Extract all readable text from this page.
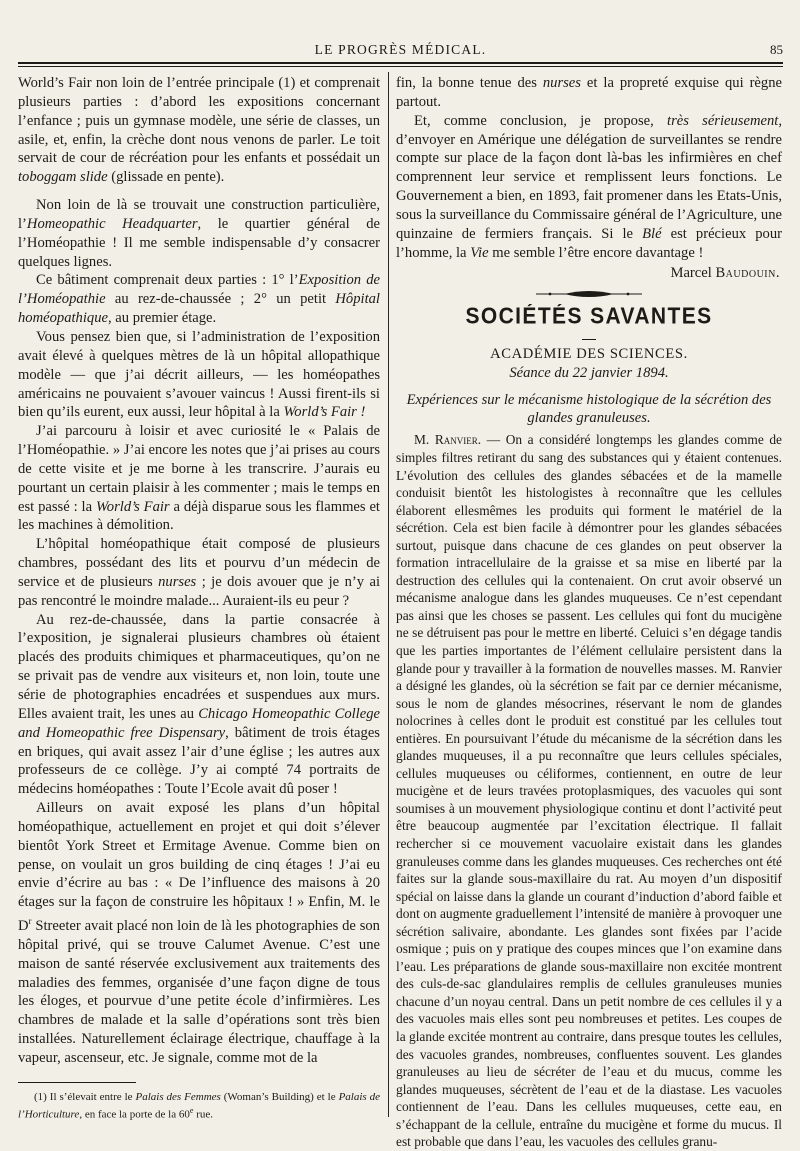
LE PROGRÈS MÉDICAL.	85

World’s Fair non loin de l’entrée principale (1) et comprenait plusieurs parties : d’abord les expositions concernant l’enfance ; puis un gymnase modèle, une série de classes, un asile, et, enfin, la crèche dont nous venons de parler. Le toit servait de cour de récréation pour les enfants et possédait un toboggam slide (glissade en pente).

Non loin de là se trouvait une construction particulière, l’Homeopathic Headquarter, le quartier général de l’Homéopathie ! Il me semble indispensable d’y consacrer quelques lignes.

Ce bâtiment comprenait deux parties : 1° l’Exposition de l’Homéopathie au rez-de-chaussée ; 2° un petit Hôpital homéopathique, au premier étage.

Vous pensez bien que, si l’administration de l’exposition avait élevé à quelques mètres de là un hôpital allopathique modèle — que j’ai décrit ailleurs, — les homéopathes américains ne pouvaient s’avouer vaincus ! Aussi firent-ils si bien qu’ils eurent, eux aussi, leur hôpital à la World’s Fair !

J’ai parcouru à loisir et avec curiosité le « Palais de l’Homéopathie. » J’ai encore les notes que j’ai prises au cours de cette visite et je me borne à les transcrire. J’aurais eu pourtant un certain plaisir à les commenter ; mais le temps en est passé : la World’s Fair a déjà disparue sous les flammes et les machines à démolition.

L’hôpital homéopathique était composé de plusieurs chambres, possédant des lits et pourvu d’un médecin de service et de plusieurs nurses ; je dois avouer que je n’y ai pas rencontré le moindre malade... Auraient-ils eu peur ?

Au rez-de-chaussée, dans la partie consacrée à l’exposition, je signalerai plusieurs chambres où étaient placés des produits chimiques et pharmaceutiques, qu’on ne se privait pas de vendre aux visiteurs et, non loin, toute une série de photographies encadrées et suspendues aux murs. Elles avaient trait, les unes au Chicago Homeopathic College and Homeopathic free Dispensary, bâtiment de trois étages en briques, qui avait assez l’air d’une église ; les autres aux professeurs de ce collège. J’y ai compté 74 portraits de médecins homéopathes : Toute l’Ecole avait dû poser !

Ailleurs on avait exposé les plans d’un hôpital homéopathique, actuellement en projet et qui doit s’élever bientôt York Street et Ermitage Avenue. Comme bien on pense, on voulait un gros building de cinq étages ! J’ai eu envie d’écrire au bas : « De l’influence des maisons à 20 étages sur la façon de construire les hôpitaux ! » Enfin, M. le $D^r$ Streeter avait placé non loin de là les photographies de son hôpital privé, qui se trouve Calumet Avenue. C’est une maison de santé réservée exclusivement aux traitements des maladies des femmes, organisée d’une façon digne de tous les éloges, et pourvue d’une petite école d’infirmières. Les chambres de malade et la salle d’opérations sont très bien installées. Naturellement éclairage électrique, chauffage à la vapeur, ascenseur, etc. Je signale, comme mot de la

(1) Il s’élevait entre le Palais des Femmes (Woman’s Building) et le Palais de l’Horticulture, en face la porte de la 60e rue.

fin, la bonne tenue des nurses et la propreté exquise qui règne partout.

Et, comme conclusion, je propose, très sérieusement, d’envoyer en Amérique une délégation de surveillantes se rendre compte sur place de la façon dont là-bas les infirmières en chef comprennent leur service et remplissent leurs fonctions. Le Gouvernement a bien, en 1893, fait promener dans les Etats-Unis, sous la surveillance du Commissaire général de l’Agriculture, une quinzaine de fermiers français. Si le Blé est précieux pour l’homme, la Vie me semble l’être encore davantage !

Marcel Baudouin.

SOCIÉTÉS SAVANTES
ACADÉMIE DES SCIENCES.
Séance du 22 janvier 1894.
Expériences sur le mécanisme histologique de la sécrétion des glandes granuleuses.

M. Ranvier. — On a considéré longtemps les glandes comme de simples filtres retirant du sang des substances qui y étaient contenues. L’évolution des cellules des glandes sébacées et de la mamelle conduisit bientôt les histologistes à reconnaître que les cellules élaborent ellesmêmes les produits qui forment le matériel de la sécrétion. Cela est bien facile à démontrer pour les glandes sébacées surtout, puisque dans chacune de ces glandes on peut observer la formation intracellulaire de la graisse et sa mise en liberté par la destruction des cellules qui la contenaient. On crut avoir observé un mécanisme analogue dans les glandes muqueuses. Ce n’est cependant pas ainsi que les choses se passent. Les cellules qui font du mucigène ne se détruisent pas pour le mettre en liberté. Celuici s’en dégage tandis que les parties importantes de l’élément cellulaire persistent dans la glande pour y travailler à la formation de nouvelles masses. M. Ranvier a désigné les glandes, où la sécrétion se fait par ce dernier mécanisme, sous le nom de glandes mésocrines, réservant le nom de glandes nolocrines à celles dont le produit est constitué par les cellules tout entières. En poursuivant l’étude du mécanisme de la sécrétion dans les glandes muqueuses, il a pu reconnaître que leurs cellules spéciales, cellules muqueuses ou céliformes, contiennent, en outre de leur mucigène et de leurs travées protoplasmiques, des vacuoles qui sont soumises à un mouvement physiologique continu et dont l’activité peut être beaucoup augmentée par l’excitation électrique. Il fallait rechercher si ce mouvement vacuolaire existait dans les glandes granuleuses comme dans les glandes muqueuses. Ces recherches ont été faites sur la glande sous-maxillaire du rat. Au moyen d’un dispositif spécial on laisse dans la glande un courant d’induction d’abord faible et dont on augmente graduellement l’intensité de manière à provoquer une sécrétion salivaire, abondante. Les glandes sont fixées par l’acide osmique ; puis on y pratique des coupes minces que l’on examine dans l’eau. Les préparations de glande sous-maxillaire non excitée montrent des culs-de-sac glandulaires remplis de cellules granuleuses munies chacune d’un noyau central. Dans un petit nombre de ces cellules il y a des vacuoles mais elles sont peu nombreuses et petites. Les coupes de la glande excitée montrent au contraire, dans presque toutes les cellules, des vacuoles grandes, nombreuses, confluentes souvent. Les glandes granuleuses au lieu de sécréter de l’eau et du mucus, comme les glandes muqueuses, sécrètent de l’eau et de la diastase. Les vacuoles contiennent de l’eau. Dans les cellules muqueuses, cette eau, en s’échappant de la cellule, entraîne du mucigène et forme du mucus. Il est probable que dans l’eau, les vacuoles des cellules granu-
